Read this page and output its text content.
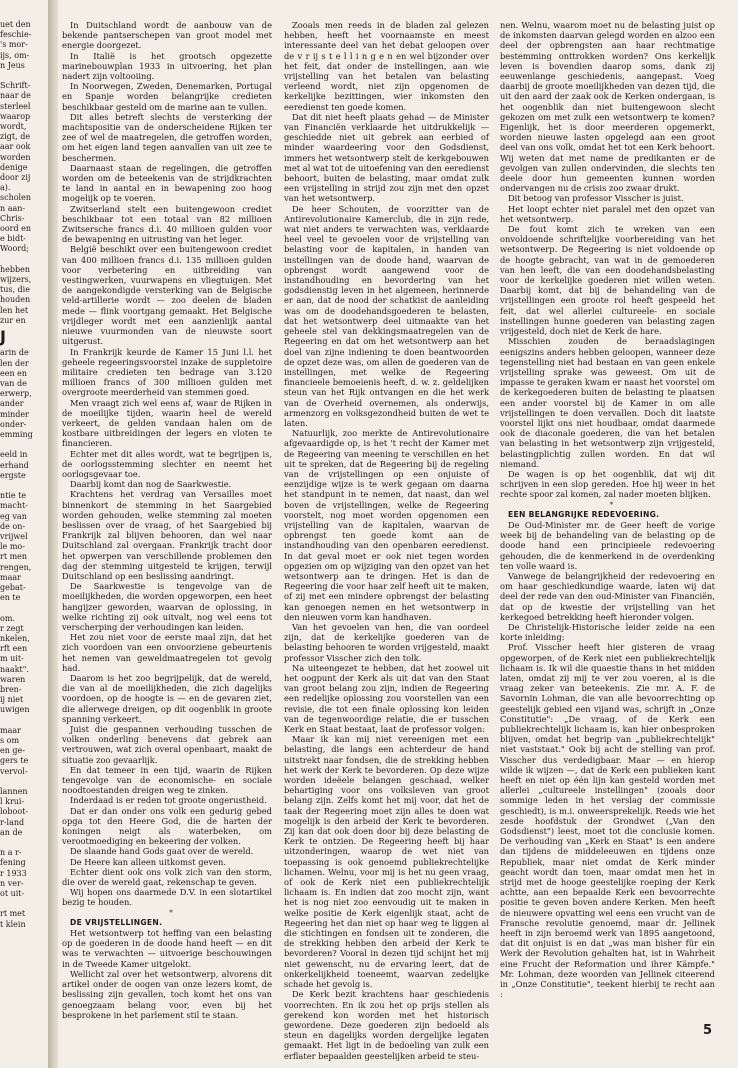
uet den

feschie-

's mor-

ijs, om-

n Jeus

Schrift-

naar de

sterleel

waarop

wordt,

zigt, de

aar ook

worden

denige

door zij

a).

scholen

n aan-

Chris-

oord en

e bidt-

Woord;

hebben

wijzers,

tus, die

houden

len het

zur en

J

arin de

len der

een en

van de

erwerp,

ander

minder

onder-

emming

eeld in

erhand

ergste

ntie te

macht-

eg van

de on-

vrijwel

le mo-

rt men

rengen,

maar

gebat-

en te

om.

r zegt

nkelen,

rft een

m uit-

naakt".

waren

bren-

ij niet

uwigen

maar

s om

en ge-

gers te

vervol-

lannen

l krui-

loboot-

r-land

an de

n a r-

fening

r 1933

n ver-

ot uit-

rt met

t klein

In Duitschland wordt de aanbouw van de bekende pantserschepen van groot model met energie doorgezet.

In Italië is het grootsch opgezette marinebouwplan 1933 in uitvoering, het plan nadert zijn voltooiing.

In Noorwegen, Zweden, Denemarken, Portugal en Spanje worden belangrijke credieten beschikbaar gesteld om de marine aan te vullen.

Dit alles betreft slechts de versterking der machtspositie van de onderscheidene Rijken ter zee of wel de maatregelen, die getroffen worden, om het eigen land tegen aanvallen van uit zee te beschermen.

Daarnaast staan de regelingen, die getroffen worden om de beteekenis van de strijdkrachten te land in aantal en in bewapening zoo hoog mogelijk op te voeren.

Zwitserland stelt een buitengewoon crediet beschikbaar tot een totaal van 82 millioen Zwitsersche francs d.i. 40 millioen gulden voor de bewapening en uitrusting van het leger.

België beschikt over een buitengewoon crediet van 400 millioen francs d.i. 135 millioen gulden voor verbetering en uitbreiding van vestingwerken, vuurwapens en vliegtuigen. Met de aangekondigde versterking van de Belgische veld-artillerie wordt — zoo deelen de bladen mede — flink voortgang gemaakt. Het Belgische vrijdleger wordt met een aanzienlijk aantal nieuwe vuurmonden van de nieuwste soort uitgerust.

In Frankrijk keurde de Kamer 15 Juni l.l. het geheele regeeringsvoorstel inzake de suppletoire militaire credieten ten bedrage van 3.120 millioen francs of 300 millioen gulden met overgroote meerderheid van stemmen goed.

Men vraagt zich wel eens af, waar de Rijken in de moeilijke tijden, waarin heel de wereld verkeert, de gelden vandaan halen om de kostbare uitbreidingen der legers en vloten te financieren.

Echter met dit alles wordt, wat te begrijpen is, de oorlogsstemming slechter en neemt het oorlogsgevaar toe.

Daarbij komt dan nog de Saarkwestie.

Krachtens het verdrag van Versailles moet binnenkort de stemming in het Saargebied worden gehouden, welke stemming zal moeten beslissen over de vraag, of het Saargebied bij Frankrijk zal blijven behooren, dan wel naar Duitschland zal overgaan. Frankrijk tracht door het opwerpen van verschillende problemen den dag der stemming uitgesteld te krijgen, terwijl Duitschland op een beslissing aandringt.

De Saarkwestie is tengevolge van de moeilijkheden, die worden opgeworpen, een heet hangijzer geworden, waarvan de oplossing, in welke richting zij ook uitvalt, nog wel eens tot verscherping der verhoudingen kan leiden.

Het zou niet voor de eerste maal zijn, dat het zich voordoen van een onvoorziene gebeurtenis het nemen van geweldmaatregelen tot gevolg had.

Daarom is het zoo begrijpelijk, dat de wereld, die van al de moeilijkheden, die zich dagelijks voordoen, op de hoogte is — en de gevaren ziet, die allerwege dreigen, op dit oogenblik in groote spanning verkeert.

Juist die gespannen verhouding tusschen de volken onderling benevens dat gebrek aan vertrouwen, wat zich overal openbaart, maakt de situatie zoo gevaarlijk.

En dat temeer in een tijd, waarin de Rijken tengevolge van de economische- en sociale noodtoestanden dreigen weg te zinken.

Inderdaad is er reden tot groote ongerustheid.

Dat er dan onder ons volk een gedurig gebed opga tot den Heere God, die de harten der koningen neigt als waterbeken, om verootmoediging en bekeering der volken.

De slaande hand Gods gaat over de wereld.

De Heere kan alleen uitkomst geven.

Echter dient ook ons volk zich van den storm, die over de wereld gaat, rekenschap te geven.

Wij hopen ons daarmede D.V. in een slotartikel bezig te houden.

*

DE VRIJSTELLINGEN.

Het wetsontwerp tot heffing van een belasting op de goederen in de doode hand heeft — en dit was te verwachten — uitvoerige beschouwingen in de Tweede Kamer uitgelokt.

Wellicht zal over het wetsontwerp, alvorens dit artikel onder de oogen van onze lezers komt, de beslissing zijn gevallen, toch komt het ons van genoegzaam belang voor, even bij het besprokene in het parlement stil te staan.

Zooals men reeds in de bladen zal gelezen hebben, heeft het voornaamste en meest interessante deel van het debat geloopen over de v r ij s t e l l i n g e n en wel bijzonder over het feit, dat onder de instellingen, aan wie vrijstelling van het betalen van belasting verleend wordt, niet zijn opgenomen de kerkelijke bezittingen, wier inkomsten den eeredienst ten goede komen.

Dat dit niet heeft plaats gehad — de Minister van Financiën verklaarde het uitdrukkelijk — geschiedde niet uit gebrek aan eerbied of minder waardeering voor den Godsdienst, immers het wetsontwerp stelt de kerkgebouwen met al wat tot de uitoefening van den eeredienst behoort, buiten de belasting, maar omdat zulk een vrijstelling in strijd zou zijn met den opzet van het wetsontwerp.

De heer Schouten, de voorzitter van de Antirevolutionaire Kamerclub, die in zijn rede, wat niet anders te verwachten was, verklaarde heel veel te gevoelen voor de vrijstelling van belasting voor de kapitalen, in handen van instellingen van de doode hand, waarvan de opbrengst wordt aangewend voor de instandhouding en bevordering van het godsdienstig leven in het algemeen, herinnerde er aan, dat de nood der schatkist de aanleiding was om de doodehandsgoederen te belasten, dat het wetsontwerp deel uitmaakte van het geheele stel van dekkingsmaatregelen van de Regeering en dat om het wetsontwerp aan het doel van zijne indiening te doen beantwoorden de opzet deze was, om allen de goederen van de instellingen, met welke de Regeering financieele bemoeienis heeft, d. w. z. geldelijken steun van het Rijk ontvangen en die het werk van de Overheid overnemen, als onderwijs, armenzorg en volksgezondheid buiten de wet te laten.

Natuurlijk, zoo merkte de Antirevolutionaire afgevaardigde op, is het 't recht der Kamer met de Regeering van meening te verschillen en het uit te spreken, dat de Regeering bij de regeling van de vrijstellingen op een onjuiste of eenzijdige wijze is te werk gegaan om daarna het standpunt in te nemen, dat naast, dan wel boven de vrijstellingen, welke de Regeering voorstelt, nog moet worden opgenomen een vrijstelling van de kapitalen, waarvan de opbrengst ten goede komt aan de instandhouding van den openbaren eeredienst. In dat geval moet er ook niet tegen worden opgezien om op wijziging van den opzet van het wetsontwerp aan te dringen. Het is dan de Regeering die voor haar zelf heeft uit te maken, of zij met een mindere opbrengst der belasting kan genoegen nemen en het wetsontwerp in den nieuwen vorm kan handhaven.

Van het gevoelen van hen, die van oordeel zijn, dat de kerkelijke goederen van de belasting behooren te worden vrijgesteld, maakt professor Visscher zich den tolk.

Na uiteengezet te hebben, dat het zoowel uit het oogpunt der Kerk als uit dat van den Staat van groot belang zou zijn, indien de Regeering een redelijke oplossing zou voorstellen van een revisie, die tot een finale oplossing kon leiden van de tegenwoordige relatie, die er tusschen Kerk en Staat bestaat, laat de professor volgen:

Maar ik kan mij niet vereenigen met een belasting, die langs een achterdeur de hand uitstrekt naar fondsen, die de strekking hebben het werk der Kerk te bevorderen. Op deze wijze worden ideëele belangen geschaad, welker behartiging voor ons volksleven van groot belang zijn. Zelfs komt het mij voor, dat het de taak der Regeering moet zijn alles te doen wat mogelijk is den arbeid der Kerk te bevorderen. Zij kan dat ook doen door bij deze belasting de Kerk te ontzien. De Regeering heeft bij haar uitzonderingen, waarop de wet niet van toepassing is ook genoemd publiekrechtelijke lichamen. Welnu, voor mij is het nu geen vraag, of ook de Kerk niet een publiekrechtelijk lichaam is. En indien dat zoo mocht zijn, want het is nog niet zoo eenvoudig uit te maken in welke positie de Kerk eigenlijk staat, acht de Regeering het dan niet op haar weg te liggen al die stichtingen en fondsen uit te zonderen, die de strekking hebben den arbeid der Kerk te bevorderen? Vooral in dezen tijd schijnt het mij niet gewenscht, nu de ervaring leert, dat de onkerkelijkheid toeneemt, waarvan zedelijke schade het gevolg is.

De Kerk bezit krachtens haar geschiedenis voorrechten. En ik zou het op prijs stellen als gerekend kon worden met het historisch gewordene. Deze goederen zijn bedoeld als steun en dagelijks worden dergelijke legaten gemaakt. Het ligt in de bedoeling van zulk een erflater bepaalden geestelijken arbeid te steu-

nen. Welnu, waarom moet nu de belasting juist op de inkomsten daarvan gelegd worden en alzoo een deel der opbrengsten aan haar rechtmatige bestemming onttrokken worden? Ons kerkelijk leven is bovendien daarop soms, dank zij eeuwenlange geschiedenis, aangepast. Voeg daarbij de groote moeilijkheden van dezen tijd, die uit den aard der zaak ook de Kerken ondergaan, is het oogenblik dan niet buitengewoon slecht gekozen om met zulk een wetsontwerp te komen? Eigenlijk, het is door meerderen opgemerkt, worden nieuwe lasten opgelegd aan een groot deel van ons volk, omdat het tot een Kerk behoort. Wij weten dat met name de predikanten er de gevolgen van zullen ondervinden, die slechts ten deele door hun gemeenten kunnen worden ondervangen nu de crisis zoo zwaar drukt.

Dit betoog van professor Visscher is juist.

Het loopt echter niet paralel met den opzet van het wetsontwerp.

De fout komt zich te wreken van een onvoldoende schriftelijke voorbereiding van het wetsontwerp. De Regeering is niet voldoende op de hoogte gebracht, van wat in de gemoederen van hen leeft, die van een doodehandsbelasting voor de kerkelijke goederen niet willen weten. Daarbij komt, dat bij de behandeling van de vrijstellingen een groote rol heeft gespeeld het feit, dat wel allerlei cultureele- en sociale instellingen hunne goederen van belasting zagen vrijgesteld, doch niet de Kerk de hare.

Misschien zouden de beraadslagingen eenigszins anders hebben geloopen, wanneer deze tegenstelling niet had bestaan en van geen enkele vrijstelling sprake was geweest. Om uit de impasse te geraken kwam er naast het voorstel om de kerkegoederen buiten de belasting te plaatsen een ander voorstel bij de Kamer in om alle vrijstellingen te doen vervallen. Doch dit laatste voorstel lijkt ons niet houdbaar, omdat daarmede ook de diaconale goederen, die van het betalen van belasting in het wetsontwerp zijn vrijgesteld, belastingplichtig zullen worden. En dat wil niemand.

De wagen is op het oogenblik, dat wij dit schrijven in een slop gereden. Hoe hij weer in het rechte spoor zal komen, zal nader moeten blijken.

*

EEN BELANGRIJKE REDEVOERING.

De Oud-Minister mr. de Geer heeft de vorige week bij de behandeling van de belasting op de doode hand een principieele redevoering gehouden, die de kenmerkend in de overdenking ten volle waard is.

Vanwege de belangrijkheid der redevoering en om haar geschiedkundige waarde, laten wij dat deel der rede van den oud-Minister van Financiën, dat op de kwestie der vrijstelling van het kerkegoed betrekking heeft hieronder volgen.

De Christelijk-Historische leider zeide na een korte inleiding:

Prof. Visscher heeft hier gisteren de vraag opgeworpen, of de Kerk niet een publiekrechtelijk lichaam is. Ik wil die quaestie thans in het midden laten, omdat zij mij te ver zou voeren, al is die vraag zeker van beteekenis. Zie mr. A. F. de Savornin Lohman, die van alle bevoorrechting op geestelijk gebied een vijand was, schrijft in „Onze Constitutie": „De vraag, of de Kerk een publiekrechtelijk lichaam is, kan hier onbesproken blijven, omdat het begrip van „publiekrechtelijk" niet vaststaat." Ook bij acht de stelling van prof. Visscher dus verdedigbaar. Maar — en hierop wilde ik wijzen —, dat de Kerk een publieken kant heeft en niet op één lijn kan gesteld worden met allerlei „cultureele instellingen" (zooals door sommige leden in het verslag der commissie geschiedt), is m.i. onweersprekelijk. Reeds wie het zesde hoofdstuk der Grondwet („Van den Godsdienst") leest, moet tot die conclusie komen. De verhouding van „Kerk en Staat" is een andere dan tijdens de middeleeuwen en tijdens onze Republiek, maar niet omdat de Kerk minder geacht wordt dan toen, maar omdat men het in strijd met de hooge geestelijke roeping der Kerk achtte, aan een bepaalde Kerk een bevoorrechte positie te geven boven andere Kerken. Men heeft de nieuwere opvatting wel eens een vrucht van de Fransche revolutie genoemd, maar dr. Jellinek heeft in zijn beroemd werk van 1895 aangetoond, dat dit onjuist is en dat „was man bisher für ein Werk der Revolution gehalten hat, ist in Wahrheit eine Frucht der Reformation und ihrer Kämpfe." Mr. Lohman, deze woorden van Jellinek citeerend in „Onze Constitutie", teekent hierbij te recht aan :

5
